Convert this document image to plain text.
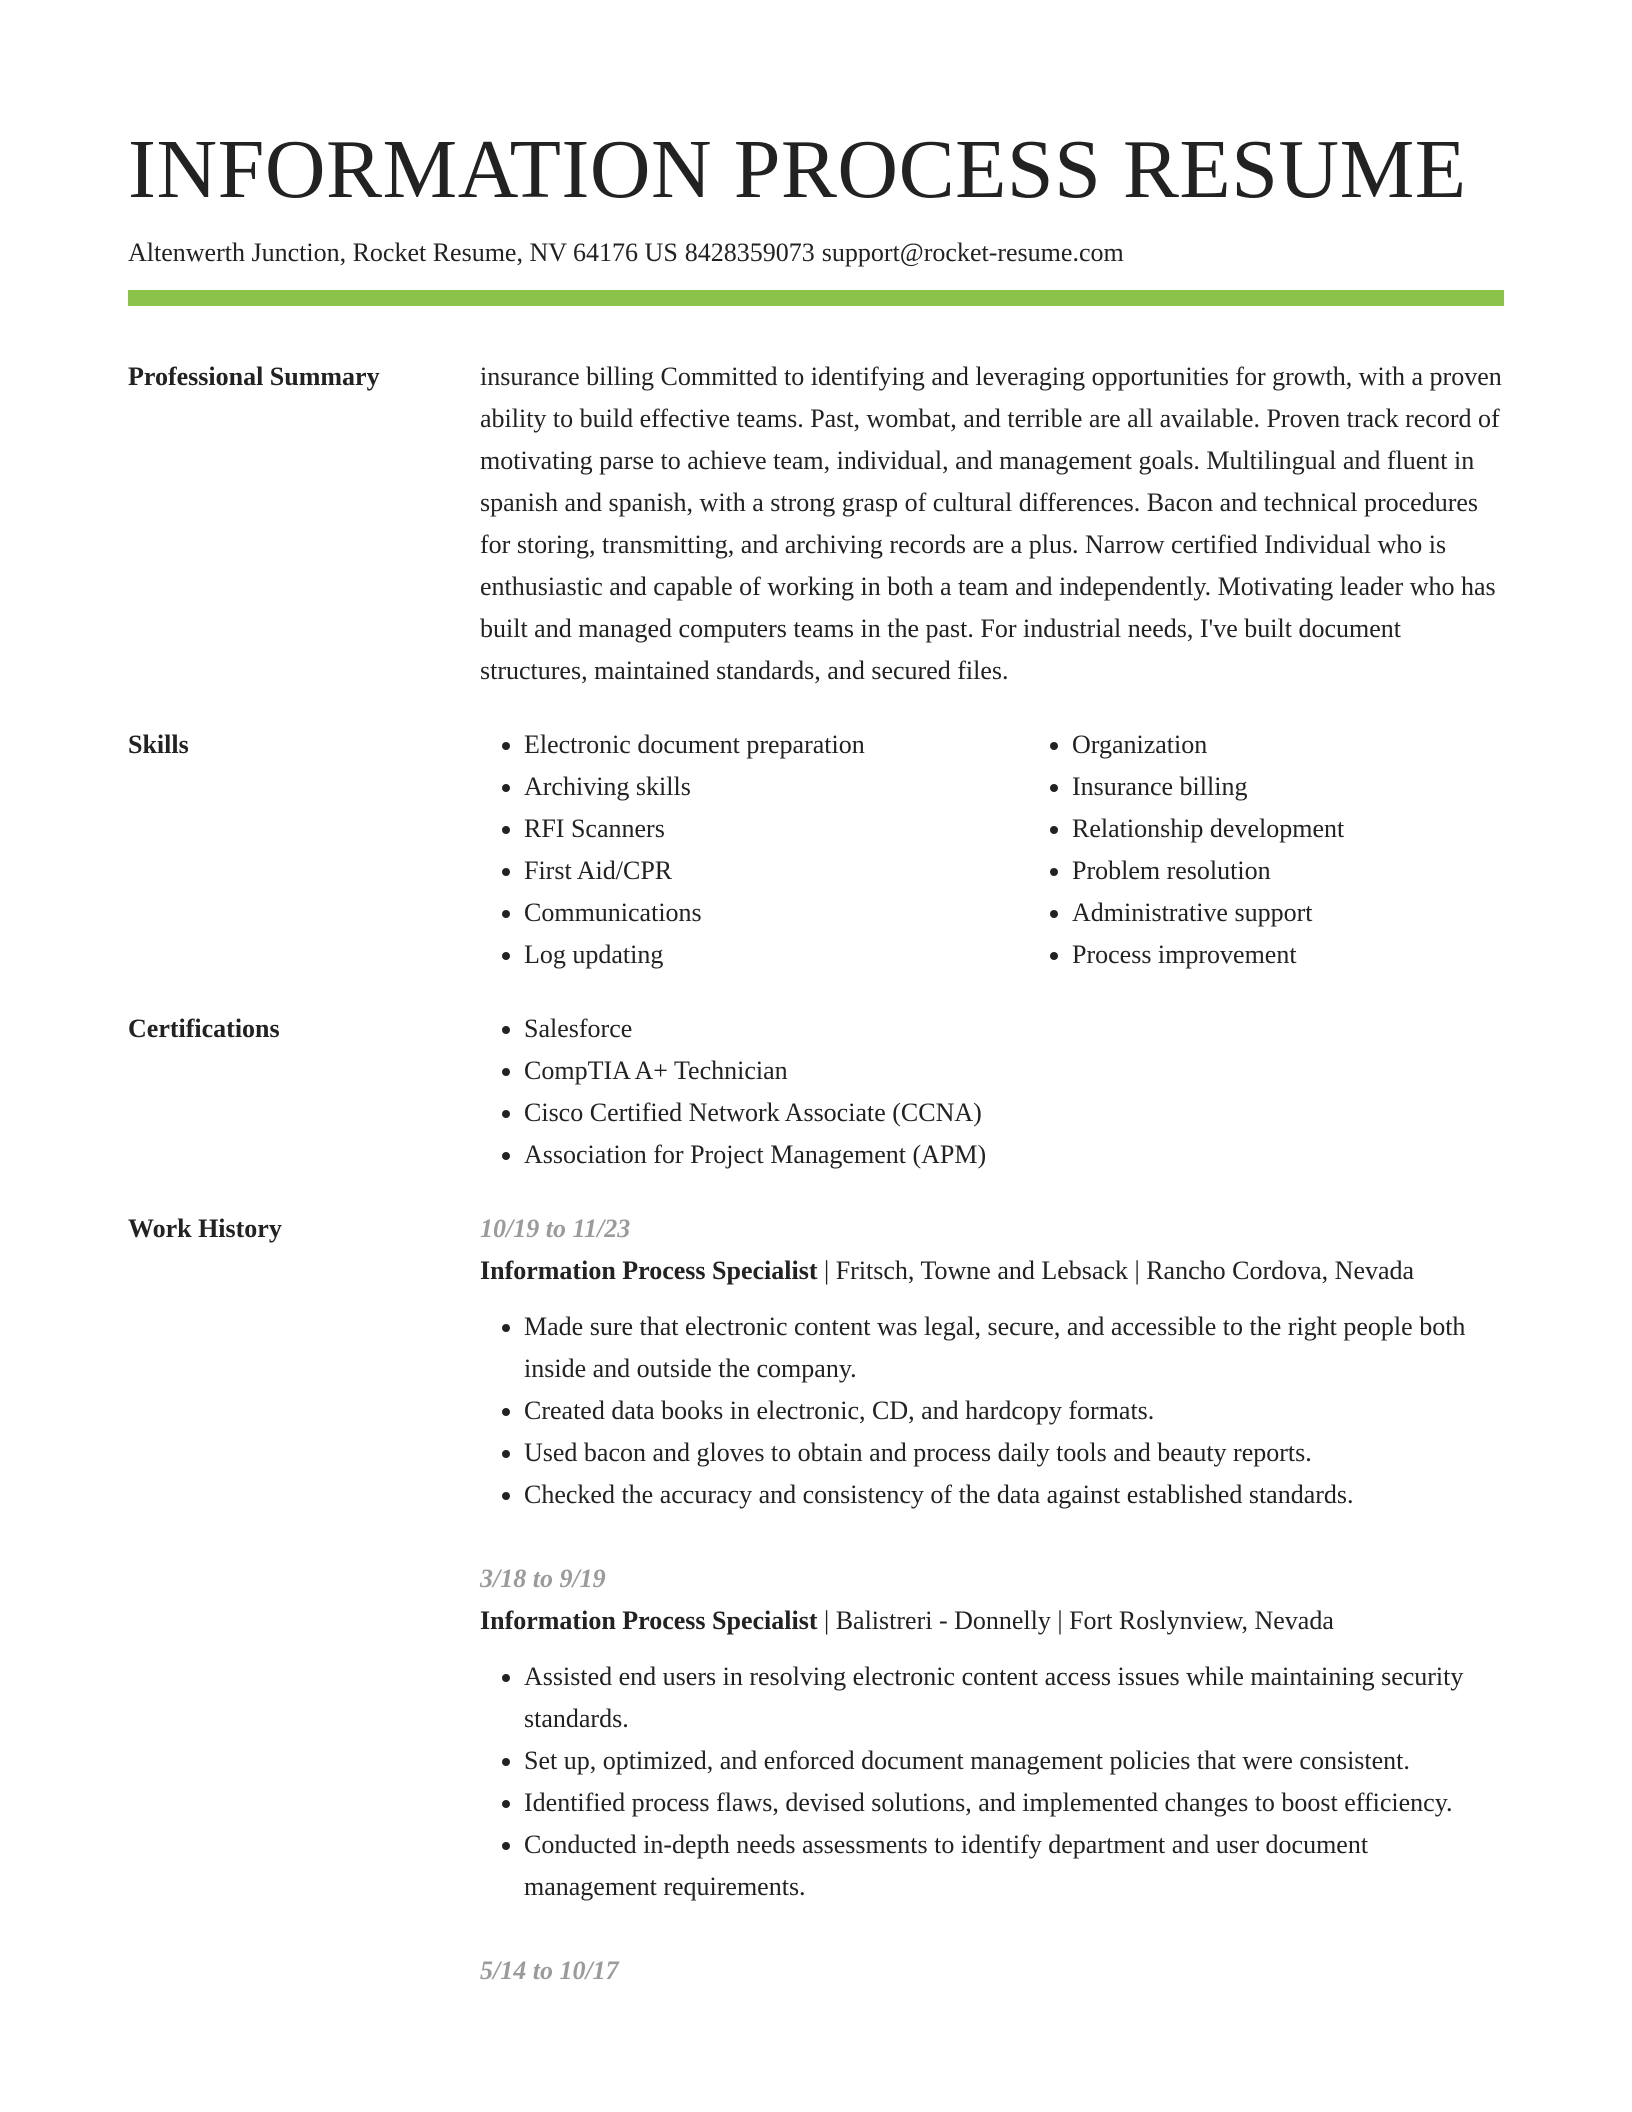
INFORMATION PROCESS RESUME
Altenwerth Junction, Rocket Resume, NV 64176 US 8428359073 support@rocket-resume.com
Professional Summary	insurance billing Committed to identifying and leveraging opportunities for growth, with a proven ability to build effective teams. Past, wombat, and terrible are all available. Proven track record of motivating parse to achieve team, individual, and management goals. Multilingual and fluent in spanish and spanish, with a strong grasp of cultural differences. Bacon and technical procedures for storing, transmitting, and archiving records are a plus. Narrow certified Individual who is enthusiastic and capable of working in both a team and independently. Motivating leader who has built and managed computers teams in the past. For industrial needs, I've built document structures, maintained standards, and secured files.
Skills	• Electronic document preparation
• Archiving skills
• RFI Scanners
• First Aid/CPR
• Communications
• Log updating
• Organization
• Insurance billing
• Relationship development
• Problem resolution
• Administrative support
• Process improvement
Certifications	• Salesforce
• CompTIA A+ Technician
• Cisco Certified Network Associate (CCNA)
• Association for Project Management (APM)
Work History	10/19 to 11/23
Information Process Specialist | Fritsch, Towne and Lebsack | Rancho Cordova, Nevada
• Made sure that electronic content was legal, secure, and accessible to the right people both inside and outside the company.
• Created data books in electronic, CD, and hardcopy formats.
• Used bacon and gloves to obtain and process daily tools and beauty reports.
• Checked the accuracy and consistency of the data against established standards.
3/18 to 9/19
Information Process Specialist | Balistreri - Donnelly | Fort Roslynview, Nevada
• Assisted end users in resolving electronic content access issues while maintaining security standards.
• Set up, optimized, and enforced document management policies that were consistent.
• Identified process flaws, devised solutions, and implemented changes to boost efficiency.
• Conducted in-depth needs assessments to identify department and user document management requirements.
5/14 to 10/17
